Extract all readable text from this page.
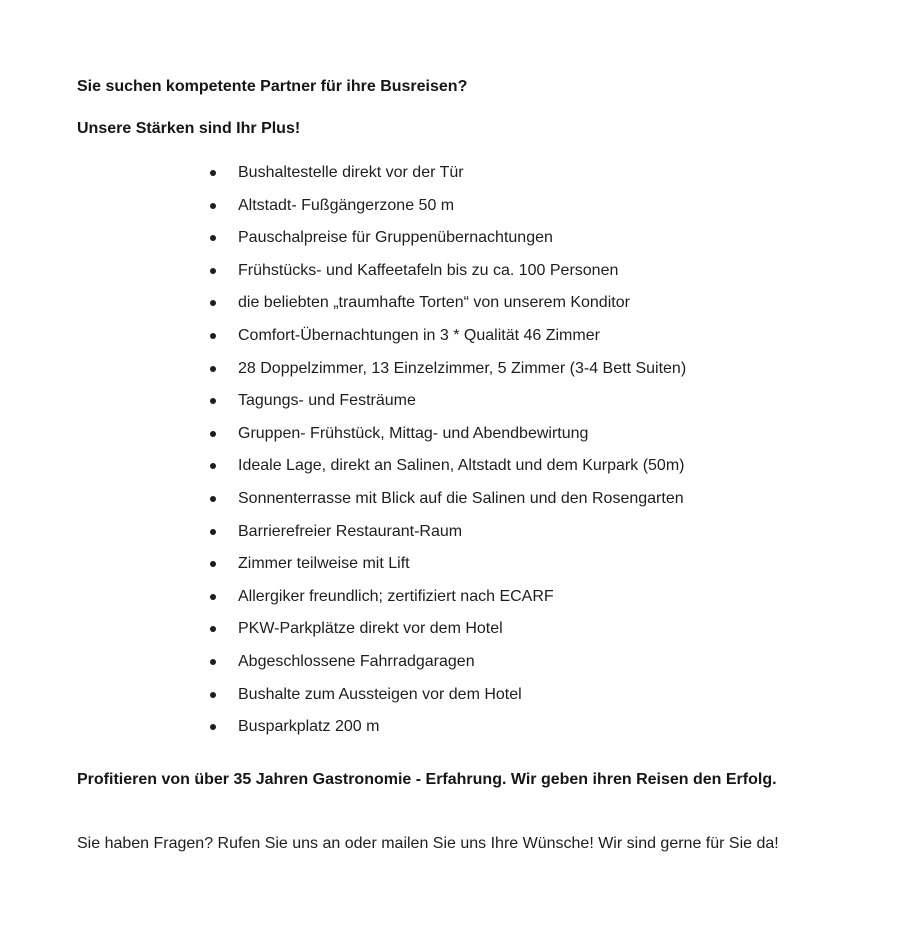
Sie suchen kompetente Partner für ihre Busreisen?

Unsere Stärken sind Ihr Plus!

Bushaltestelle direkt vor der Tür
Altstadt- Fußgängerzone 50 m
Pauschalpreise für Gruppenübernachtungen
Frühstücks- und Kaffeetafeln bis zu ca. 100 Personen
die beliebten „traumhafte Torten“ von unserem Konditor
Comfort-Übernachtungen in 3 * Qualität 46 Zimmer
28 Doppelzimmer, 13 Einzelzimmer, 5 Zimmer (3-4 Bett Suiten)
Tagungs- und Festräume
Gruppen- Frühstück, Mittag- und Abendbewirtung
Ideale Lage, direkt an Salinen, Altstadt und dem Kurpark (50m)
Sonnenterrasse mit Blick auf die Salinen und den Rosengarten
Barrierefreier Restaurant-Raum
Zimmer teilweise mit Lift
Allergiker freundlich; zertifiziert nach ECARF
PKW-Parkplätze direkt vor dem Hotel
Abgeschlossene Fahrradgaragen
Bushalte zum Aussteigen vor dem Hotel
Busparkplatz 200 m

Profitieren von über 35 Jahren Gastronomie - Erfahrung. Wir geben ihren Reisen den Erfolg.

Sie haben Fragen? Rufen Sie uns an oder mailen Sie uns Ihre Wünsche! Wir sind gerne für Sie da!
